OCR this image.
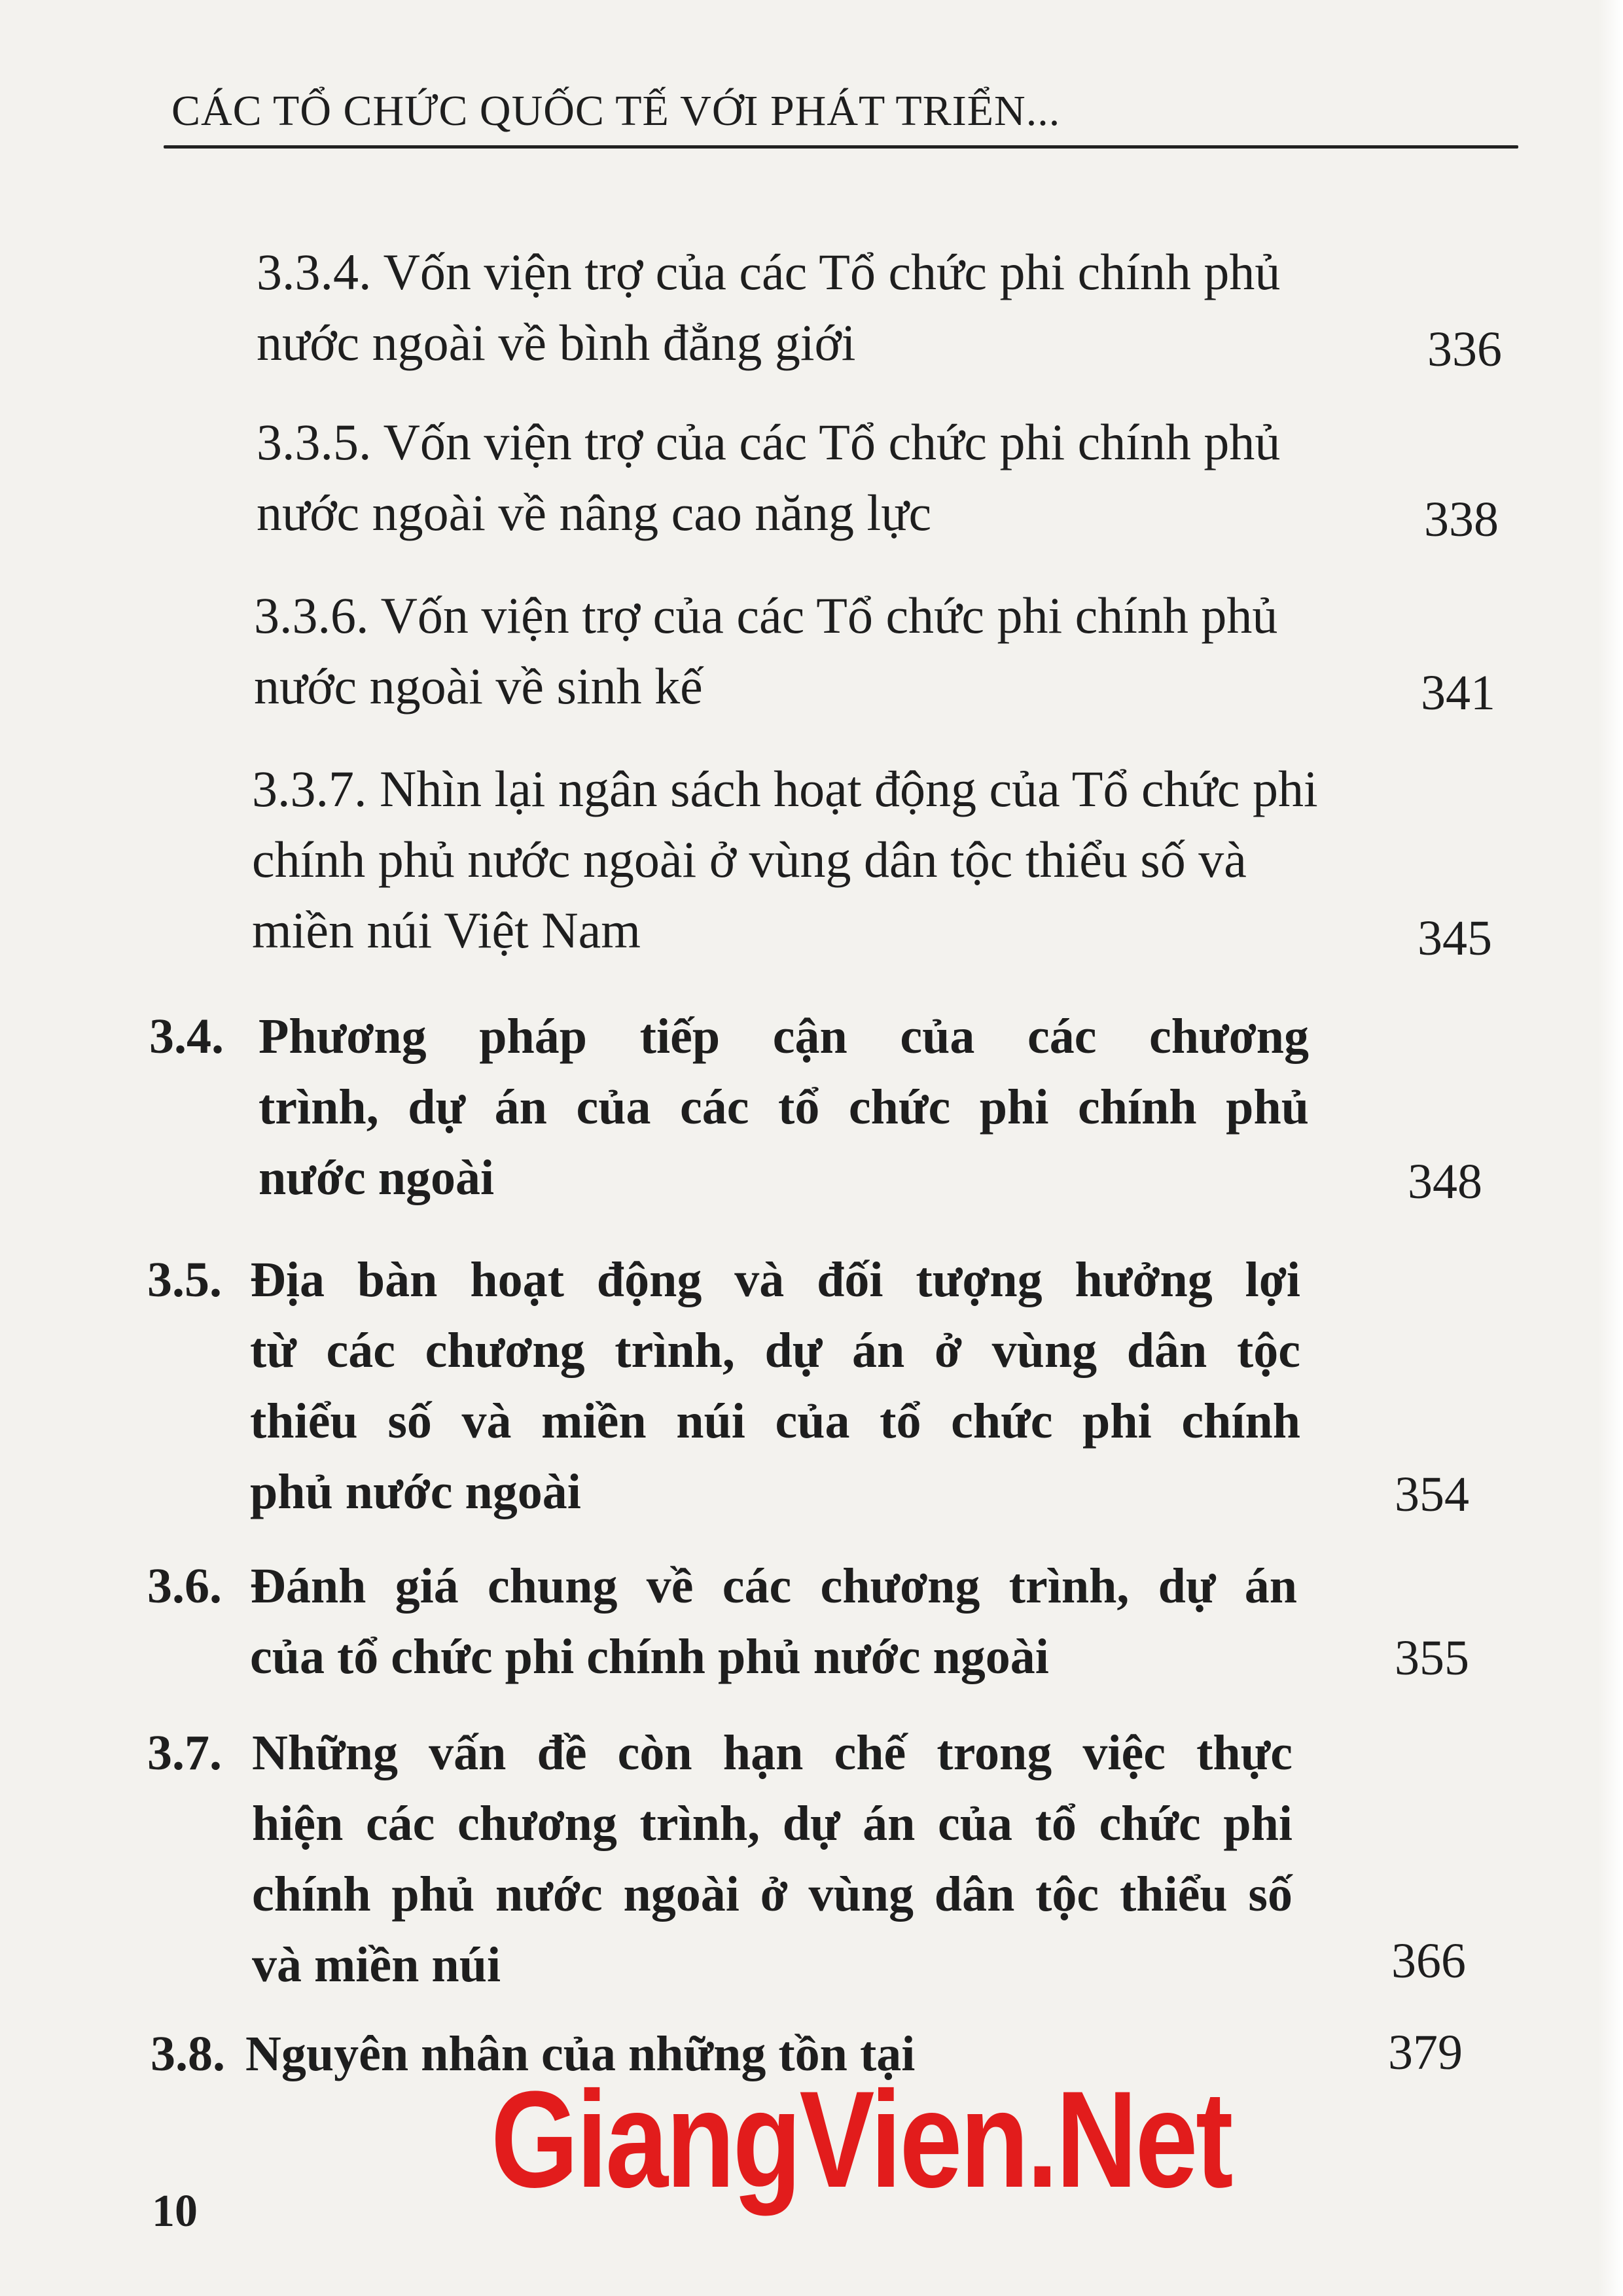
CÁC TỔ CHỨC QUỐC TẾ VỚI PHÁT TRIỂN...
3.3.4. Vốn viện trợ của các Tổ chức phi chính phủ
nước ngoài về bình đẳng giới	336
3.3.5. Vốn viện trợ của các Tổ chức phi chính phủ
nước ngoài về nâng cao năng lực	338
3.3.6. Vốn viện trợ của các Tổ chức phi chính phủ
nước ngoài về sinh kế	341
3.3.7. Nhìn lại ngân sách hoạt động của Tổ chức phi
chính phủ nước ngoài ở vùng dân tộc thiểu số và
miền núi Việt Nam	345
3.4. Phương pháp tiếp cận của các chương
trình, dự án của các tổ chức phi chính phủ
nước ngoài	348
3.5. Địa bàn hoạt động và đối tượng hưởng lợi
từ các chương trình, dự án ở vùng dân tộc
thiểu số và miền núi của tổ chức phi chính
phủ nước ngoài	354
3.6. Đánh giá chung về các chương trình, dự án
của tổ chức phi chính phủ nước ngoài	355
3.7. Những vấn đề còn hạn chế trong việc thực
hiện các chương trình, dự án của tổ chức phi
chính phủ nước ngoài ở vùng dân tộc thiểu số
và miền núi	366
3.8. Nguyên nhân của những tồn tại	379
GiangVien.Net
10
